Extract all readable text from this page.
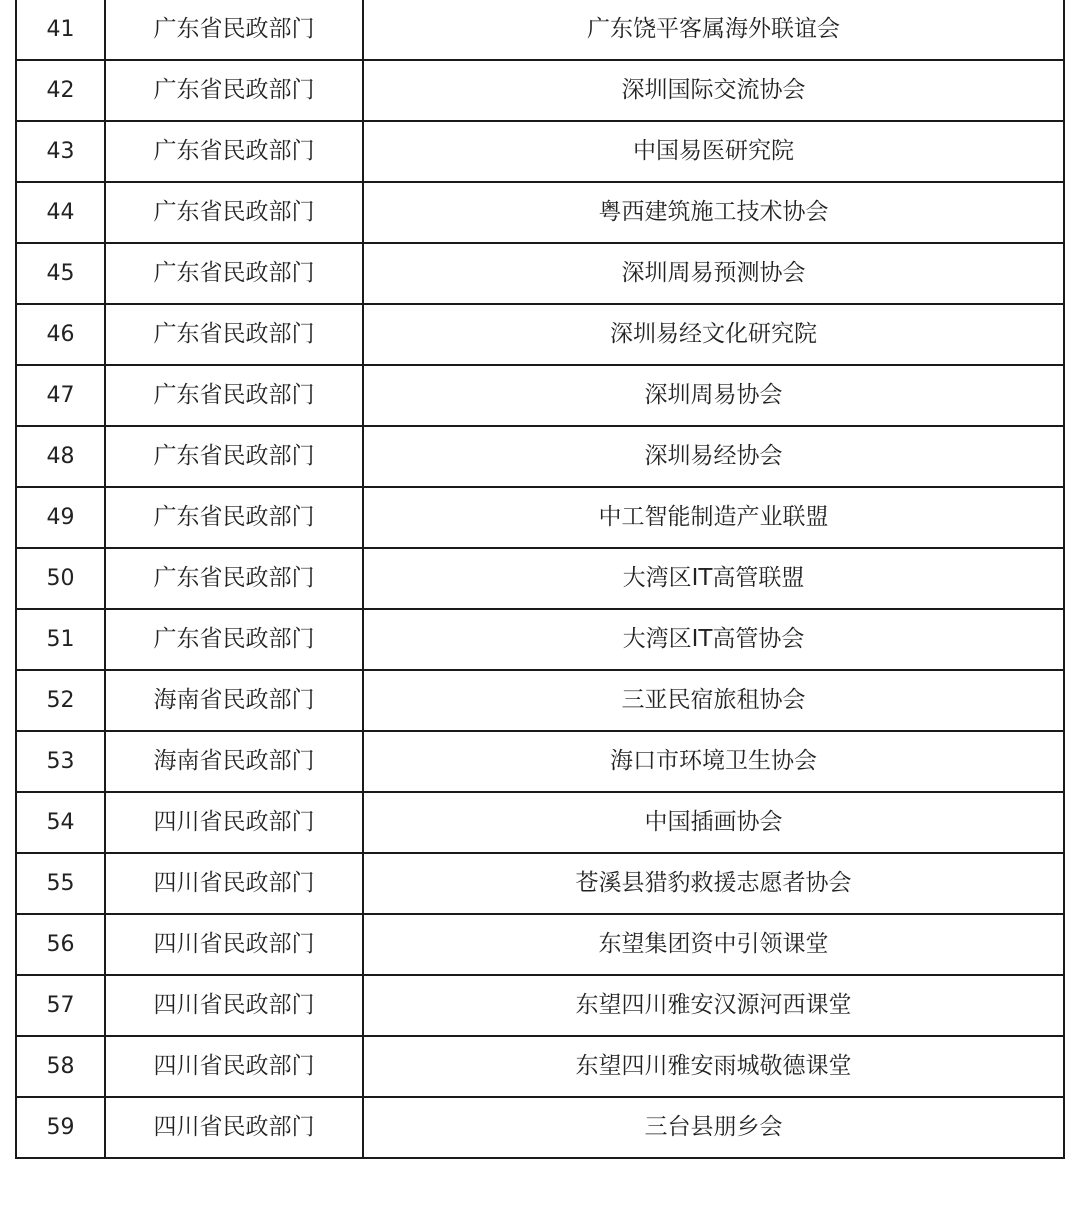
41	广东省民政部门	广东饶平客属海外联谊会
42	广东省民政部门	深圳国际交流协会
43	广东省民政部门	中国易医研究院
44	广东省民政部门	粤西建筑施工技术协会
45	广东省民政部门	深圳周易预测协会
46	广东省民政部门	深圳易经文化研究院
47	广东省民政部门	深圳周易协会
48	广东省民政部门	深圳易经协会
49	广东省民政部门	中工智能制造产业联盟
50	广东省民政部门	大湾区IT高管联盟
51	广东省民政部门	大湾区IT高管协会
52	海南省民政部门	三亚民宿旅租协会
53	海南省民政部门	海口市环境卫生协会
54	四川省民政部门	中国插画协会
55	四川省民政部门	苍溪县猎豹救援志愿者协会
56	四川省民政部门	东望集团资中引领课堂
57	四川省民政部门	东望四川雅安汉源河西课堂
58	四川省民政部门	东望四川雅安雨城敬德课堂
59	四川省民政部门	三台县朋乡会
